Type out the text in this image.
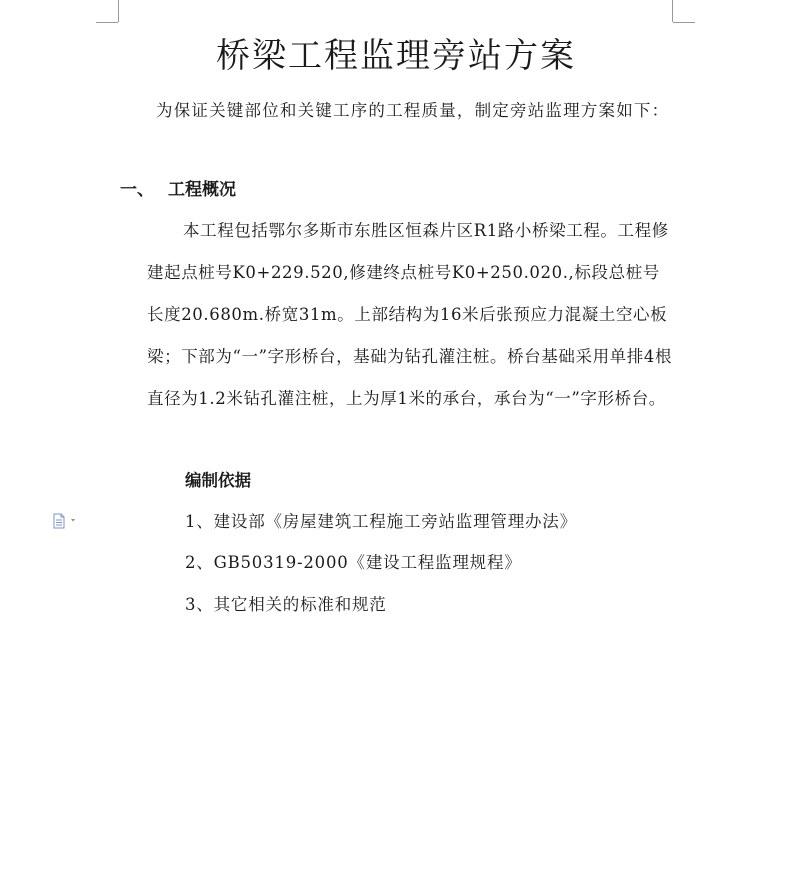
桥梁工程监理旁站方案

为保证关键部位和关键工序的工程质量，制定旁站监理方案如下：

一、 工程概况

本工程包括鄂尔多斯市东胜区恒森片区R1路小桥梁工程。工程修建起点桩号K0+229.520,修建终点桩号K0+250.020.,标段总桩号长度20.680m.桥宽31m。上部结构为16米后张预应力混凝土空心板梁；下部为“一”字形桥台，基础为钻孔灌注桩。桥台基础采用单排4根直径为1.2米钻孔灌注桩，上为厚1米的承台，承台为“一”字形桥台。

编制依据
1、建设部《房屋建筑工程施工旁站监理管理办法》
2、GB50319-2000《建设工程监理规程》
3、其它相关的标准和规范
